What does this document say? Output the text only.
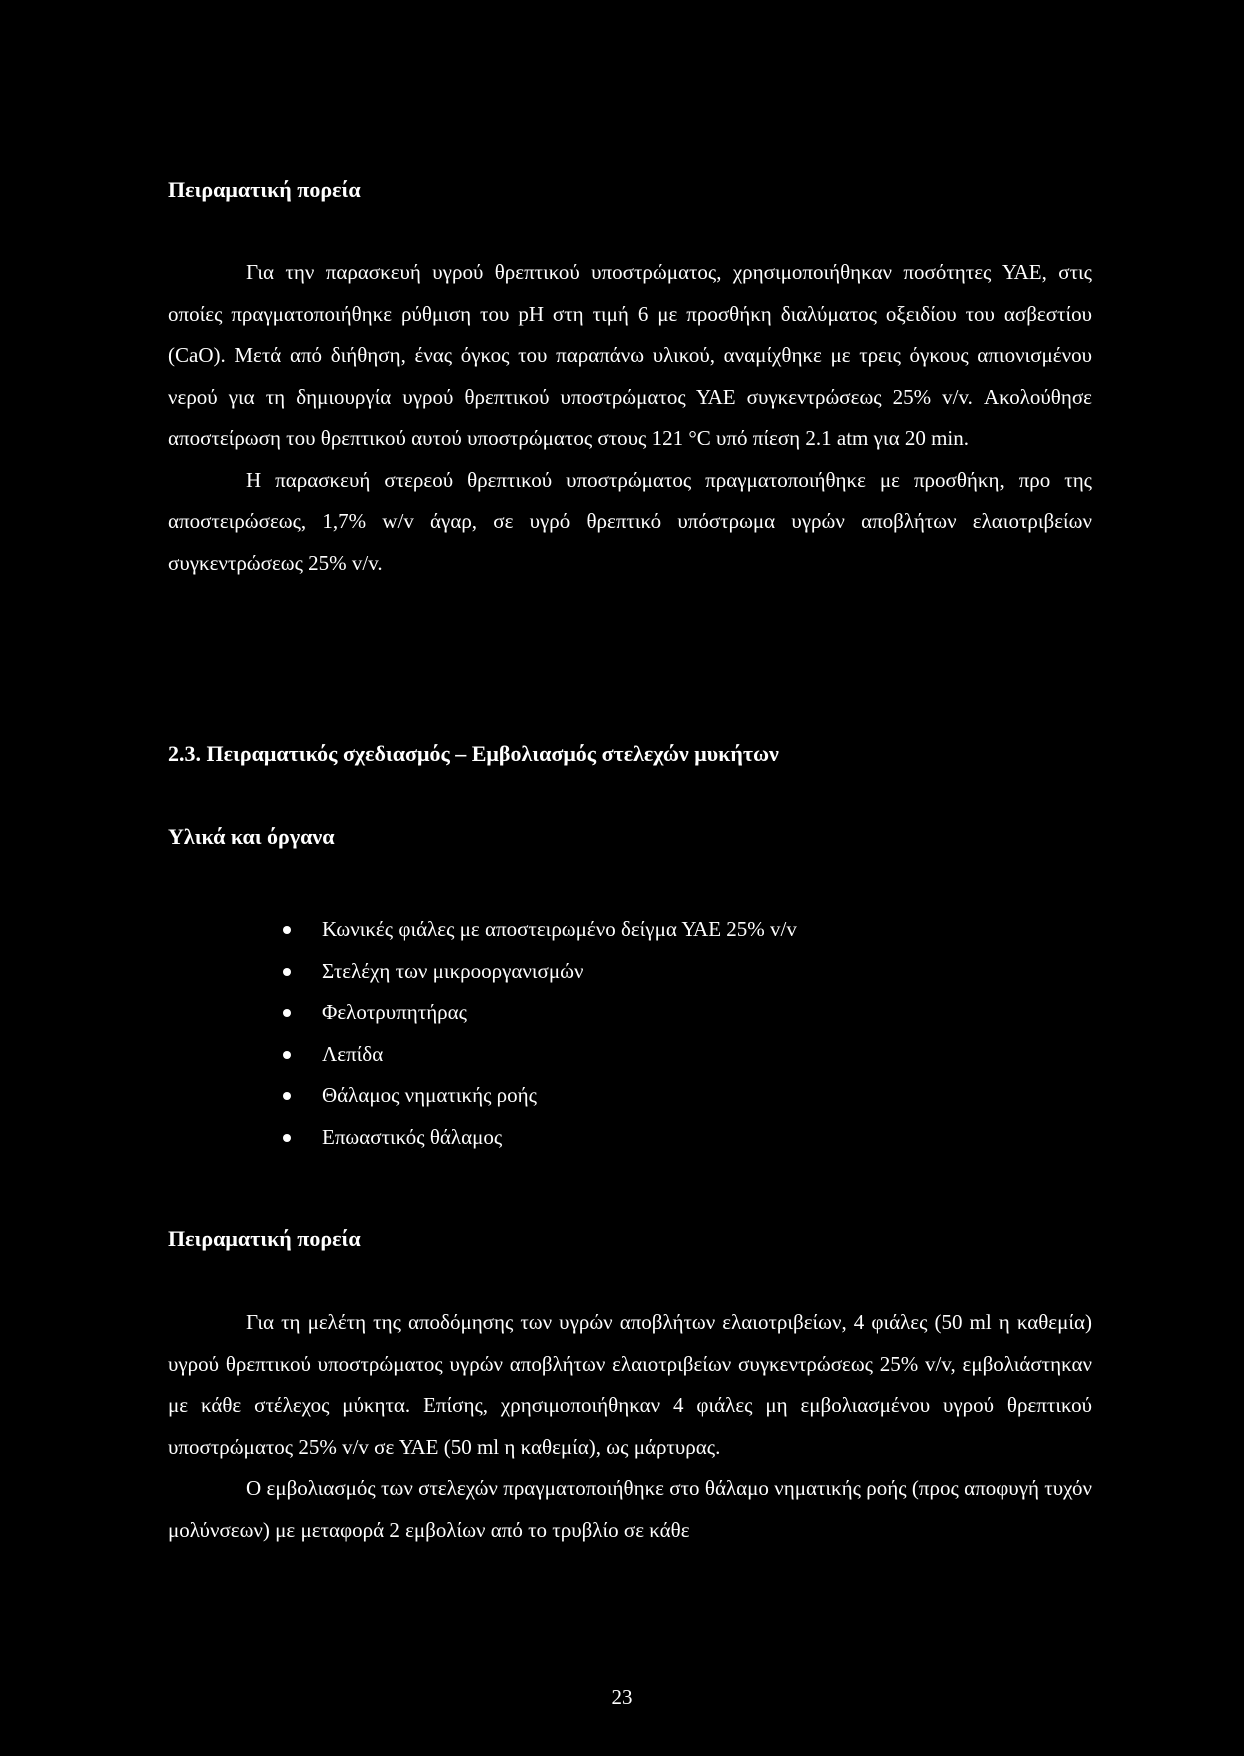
Πειραματική πορεία

Για την παρασκευή υγρού θρεπτικού υποστρώματος, χρησιμοποιήθηκαν ποσότητες ΥΑΕ, στις οποίες πραγματοποιήθηκε ρύθμιση του pH στη τιμή 6 με προσθήκη διαλύματος οξειδίου του ασβεστίου (CaO). Μετά από διήθηση, ένας όγκος του παραπάνω υλικού, αναμίχθηκε με τρεις όγκους απιονισμένου νερού για τη δημιουργία υγρού θρεπτικού υποστρώματος ΥΑΕ συγκεντρώσεως 25% v/v. Ακολούθησε αποστείρωση του θρεπτικού αυτού υποστρώματος στους 121 °C υπό πίεση 2.1 atm για 20 min.

Η παρασκευή στερεού θρεπτικού υποστρώματος πραγματοποιήθηκε με προσθήκη, προ της αποστειρώσεως, 1,7% w/v άγαρ, σε υγρό θρεπτικό υπόστρωμα υγρών αποβλήτων ελαιοτριβείων συγκεντρώσεως 25% v/v.

2.3. Πειραματικός σχεδιασμός – Εμβολιασμός στελεχών μυκήτων
Υλικά και όργανα
Κωνικές φιάλες με αποστειρωμένο δείγμα ΥΑΕ 25% v/v
Στελέχη των μικροοργανισμών
Φελοτρυπητήρας
Λεπίδα
Θάλαμος νηματικής ροής
Επωαστικός θάλαμος
Πειραματική πορεία

Για τη μελέτη της αποδόμησης των υγρών αποβλήτων ελαιοτριβείων, 4 φιάλες (50 ml η καθεμία) υγρού θρεπτικού υποστρώματος υγρών αποβλήτων ελαιοτριβείων συγκεντρώσεως 25% v/v, εμβολιάστηκαν με κάθε στέλεχος μύκητα. Επίσης, χρησιμοποιήθηκαν 4 φιάλες μη εμβολιασμένου υγρού θρεπτικού υποστρώματος 25% v/v σε ΥΑΕ (50 ml η καθεμία), ως μάρτυρας.

Ο εμβολιασμός των στελεχών πραγματοποιήθηκε στο θάλαμο νηματικής ροής (προς αποφυγή τυχόν μολύνσεων) με μεταφορά 2 εμβολίων από το τρυβλίο σε κάθε

23
